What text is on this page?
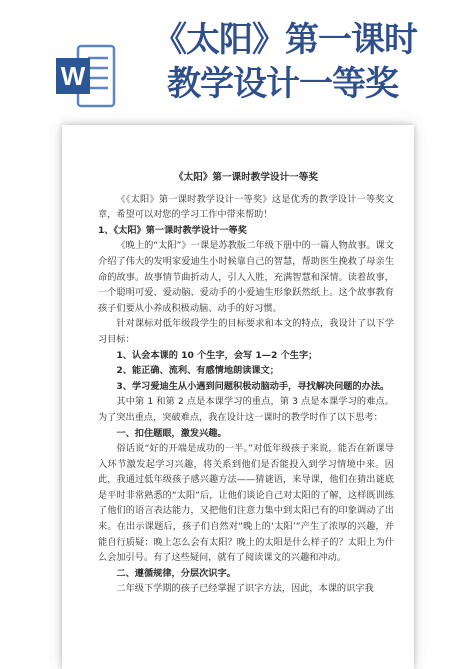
W
《太阳》第一课时
教学设计一等奖
《太阳》第一课时教学设计一等奖

《《太阳》第一课时教学设计一等奖》这是优秀的教学设计一等奖文章，希望可以对您的学习工作中带来帮助！

1、《太阳》第一课时教学设计一等奖

《晚上的“太阳”》一课是苏教版二年级下册中的一篇人物故事。课文介绍了伟大的发明家爱迪生小时候靠自己的智慧，帮助医生挽救了母亲生命的故事。故事情节曲折动人，引人入胜，充满智慧和深情。读着故事，一个聪明可爱、爱动脑、爱动手的小爱迪生形象跃然纸上。这个故事教育孩子们要从小养成积极动脑、动手的好习惯。

针对课标对低年级段学生的目标要求和本文的特点，我设计了以下学习目标：

1、认会本课的 10 个生字，会写 1—2 个生字；

2、能正确、流利、有感情地朗读课文；

3、学习爱迪生从小遇到问题积极动脑动手，寻找解决问题的办法。

其中第 1 和第 2 点是本课学习的重点，第 3 点是本课学习的难点。为了突出重点，突破难点，我在设计这一课时的教学时作了以下思考：

一、扣住题眼，激发兴趣。

俗话说“好的开端是成功的一半。”对低年级孩子来说，能否在新课导入环节激发起学习兴趣，将关系到他们是否能投入到学习情境中来。因此，我通过低年级孩子感兴趣方法——猜谜语，来导课，他们在猜出谜底是平时非常熟悉的“太阳”后，让他们谈论自己对太阳的了解，这样既训练了他们的语言表达能力，又把他们注意力集中到太阳已有的印象调动了出来。在出示课题后，孩子们自然对“晚上的‘太阳’”产生了浓厚的兴趣，并能自行质疑：晚上怎么会有太阳？晚上的太阳是什么样子的？太阳上为什么会加引号。有了这些疑问，就有了阅读课文的兴趣和冲动。

二、遵循规律，分层次识字。

二年级下学期的孩子已经掌握了识字方法，因此，本课的识字我
